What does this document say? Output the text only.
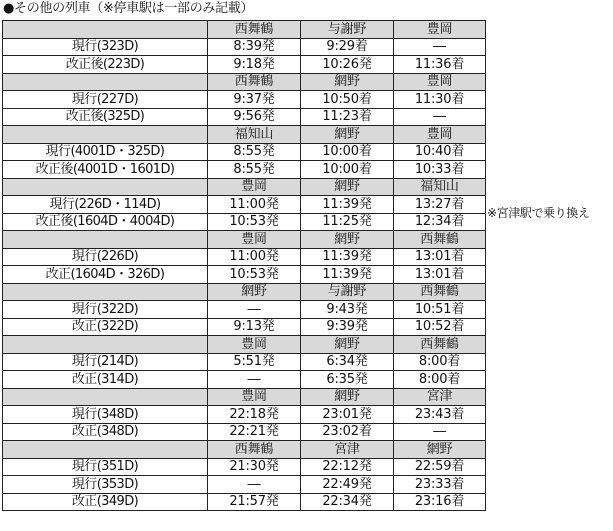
●その他の列車（※停車駅は一部のみ記載）
	西舞鶴	与謝野	豊岡
現行(323D)	8:39発	9:29着	―
改正後(223D)	9:18発	10:26発	11:36着
	西舞鶴	網野	豊岡
現行(227D)	9:37発	10:50着	11:30着
改正後(325D)	9:56発	11:23着	―
	福知山	網野	豊岡
現行(4001D・325D)	8:55発	10:00着	10:40着
改正後(4001D・1601D)	8:55発	10:00着	10:33着
	豊岡	網野	福知山
現行(226D・114D)	11:00発	11:39発	13:27着
改正後(1604D・4004D)	10:53発	11:25発	12:34着
	豊岡	網野	西舞鶴
現行(226D)	11:00発	11:39発	13:01着
改正(1604D・326D)	10:53発	11:39発	13:01着
	網野	与謝野	西舞鶴
現行(322D)	―	9:43発	10:51着
改正(322D)	9:13発	9:39発	10:52着
	豊岡	網野	西舞鶴
現行(214D)	5:51発	6:34発	8:00着
改正(314D)	―	6:35発	8:00着
	豊岡	網野	宮津
現行(348D)	22:18発	23:01発	23:43着
改正(348D)	22:21発	23:02着	―
	西舞鶴	宮津	網野
現行(351D)	21:30発	22:12発	22:59着
現行(353D)	―	22:49発	23:33着
改正(349D)	21:57発	22:34発	23:16着
※宮津駅で乗り換え
